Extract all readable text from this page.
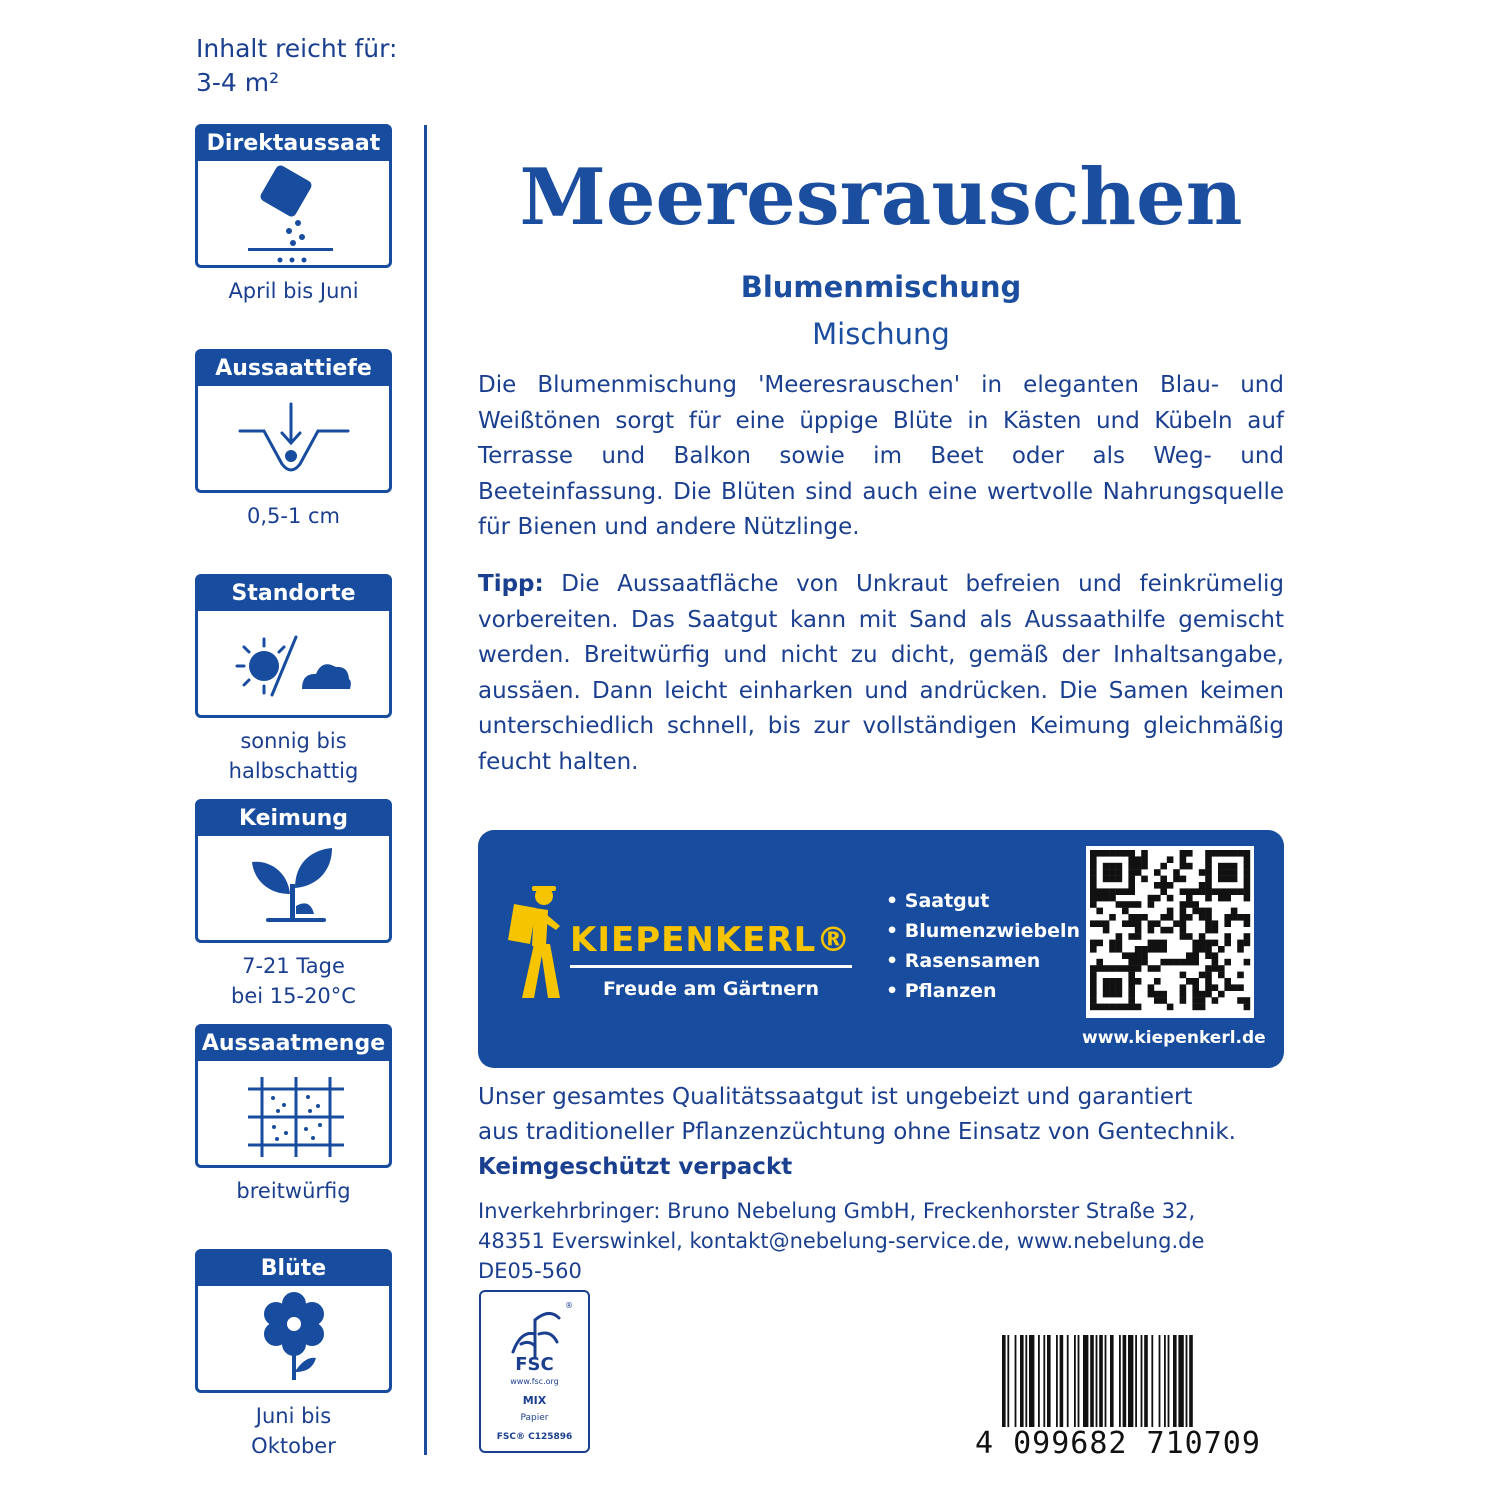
Inhalt reicht für:
3-4 m²
Direktaussaat
April bis Juni
Aussaattiefe
0,5-1 cm
Standorte
sonnig bis
halbschattig
Keimung
7-21 Tage
bei 15-20°C
Aussaatmenge
breitwürfig
Blüte
Juni bis
Oktober
Meeresrauschen
Blumenmischung
Mischung
Die Blumenmischung 'Meeresrauschen' in eleganten Blau- und Weißtönen sorgt für eine üppige Blüte in Kästen und Kübeln auf Terrasse und Balkon sowie im Beet oder als Weg- und Beeteinfassung. Die Blüten sind auch eine wertvolle Nahrungsquelle für Bienen und andere Nützlinge.
Tipp: Die Aussaatfläche von Unkraut befreien und feinkrümelig vorbereiten. Das Saatgut kann mit Sand als Aussaathilfe gemischt werden. Breitwürfig und nicht zu dicht, gemäß der Inhaltsangabe, aussäen. Dann leicht einharken und andrücken. Die Samen keimen unterschiedlich schnell, bis zur vollständigen Keimung gleichmäßig feucht halten.
KIEPENKERL®
Freude am Gärtnern
• Saatgut
• Blumenzwiebeln
• Rasensamen
• Pflanzen
www.kiepenkerl.de
Unser gesamtes Qualitätssaatgut ist ungebeizt und garantiert
aus traditioneller Pflanzenzüchtung ohne Einsatz von Gentechnik.
Keimgeschützt verpackt
Inverkehrbringer: Bruno Nebelung GmbH, Freckenhorster Straße 32,
48351 Everswinkel, kontakt@nebelung-service.de, www.nebelung.de
DE05-560
®
FSC
www.fsc.org
MIX
Papier
FSC® C125896	4 099682 710709
